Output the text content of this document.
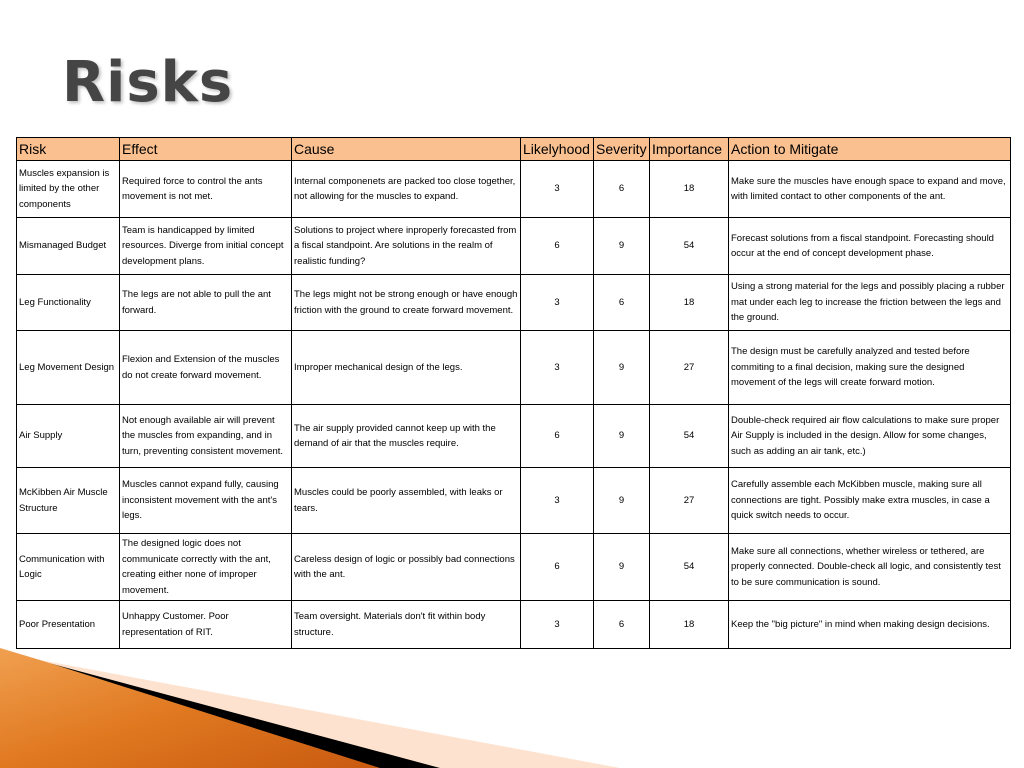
Risks
Risk	Effect	Cause	Likelyhood	Severity	Importance	Action to Mitigate
Muscles expansion is limited by the other components	Required force to control the ants movement is not met.	Internal componenets are packed too close together, not allowing for the muscles to expand.	3	6	18	Make sure the muscles have enough space to expand and move, with limited contact to other components of the ant.
Mismanaged Budget	Team is handicapped by limited resources. Diverge from initial concept development plans.	Solutions to project where inproperly forecasted from a fiscal standpoint. Are solutions in the realm of realistic funding?	6	9	54	Forecast solutions from a fiscal standpoint. Forecasting should occur at the end of concept development phase.
Leg Functionality	The legs are not able to pull the ant forward.	The legs might not be strong enough or have enough friction with the ground to create forward movement.	3	6	18	Using a strong material for the legs and possibly placing a rubber mat under each leg to increase the friction between the legs and the ground.
Leg Movement Design	Flexion and Extension of the muscles do not create forward movement.	Improper mechanical design of the legs.	3	9	27	The design must be carefully analyzed and tested before commiting to a final decision, making sure the designed movement of the legs will create forward motion.
Air Supply	Not enough available air will prevent the muscles from expanding, and in turn, preventing consistent movement.	The air supply provided cannot keep up with the demand of air that the muscles require.	6	9	54	Double-check required air flow calculations to make sure proper Air Supply is included in the design. Allow for some changes, such as adding an air tank, etc.)
McKibben Air Muscle Structure	Muscles cannot expand fully, causing inconsistent movement with the ant's legs.	Muscles could be poorly assembled, with leaks or tears.	3	9	27	Carefully assemble each McKibben muscle, making sure all connections are tight. Possibly make extra muscles, in case a quick switch needs to occur.
Communication with Logic	The designed logic does not communicate correctly with the ant, creating either none of improper movement.	Careless design of logic or possibly bad connections with the ant.	6	9	54	Make sure all connections, whether wireless or tethered, are properly connected. Double-check all logic, and consistently test to be sure communication is sound.
Poor Presentation	Unhappy Customer. Poor representation of RIT.	Team oversight. Materials don't fit within body structure.	3	6	18	Keep the "big picture" in mind when making design decisions.
